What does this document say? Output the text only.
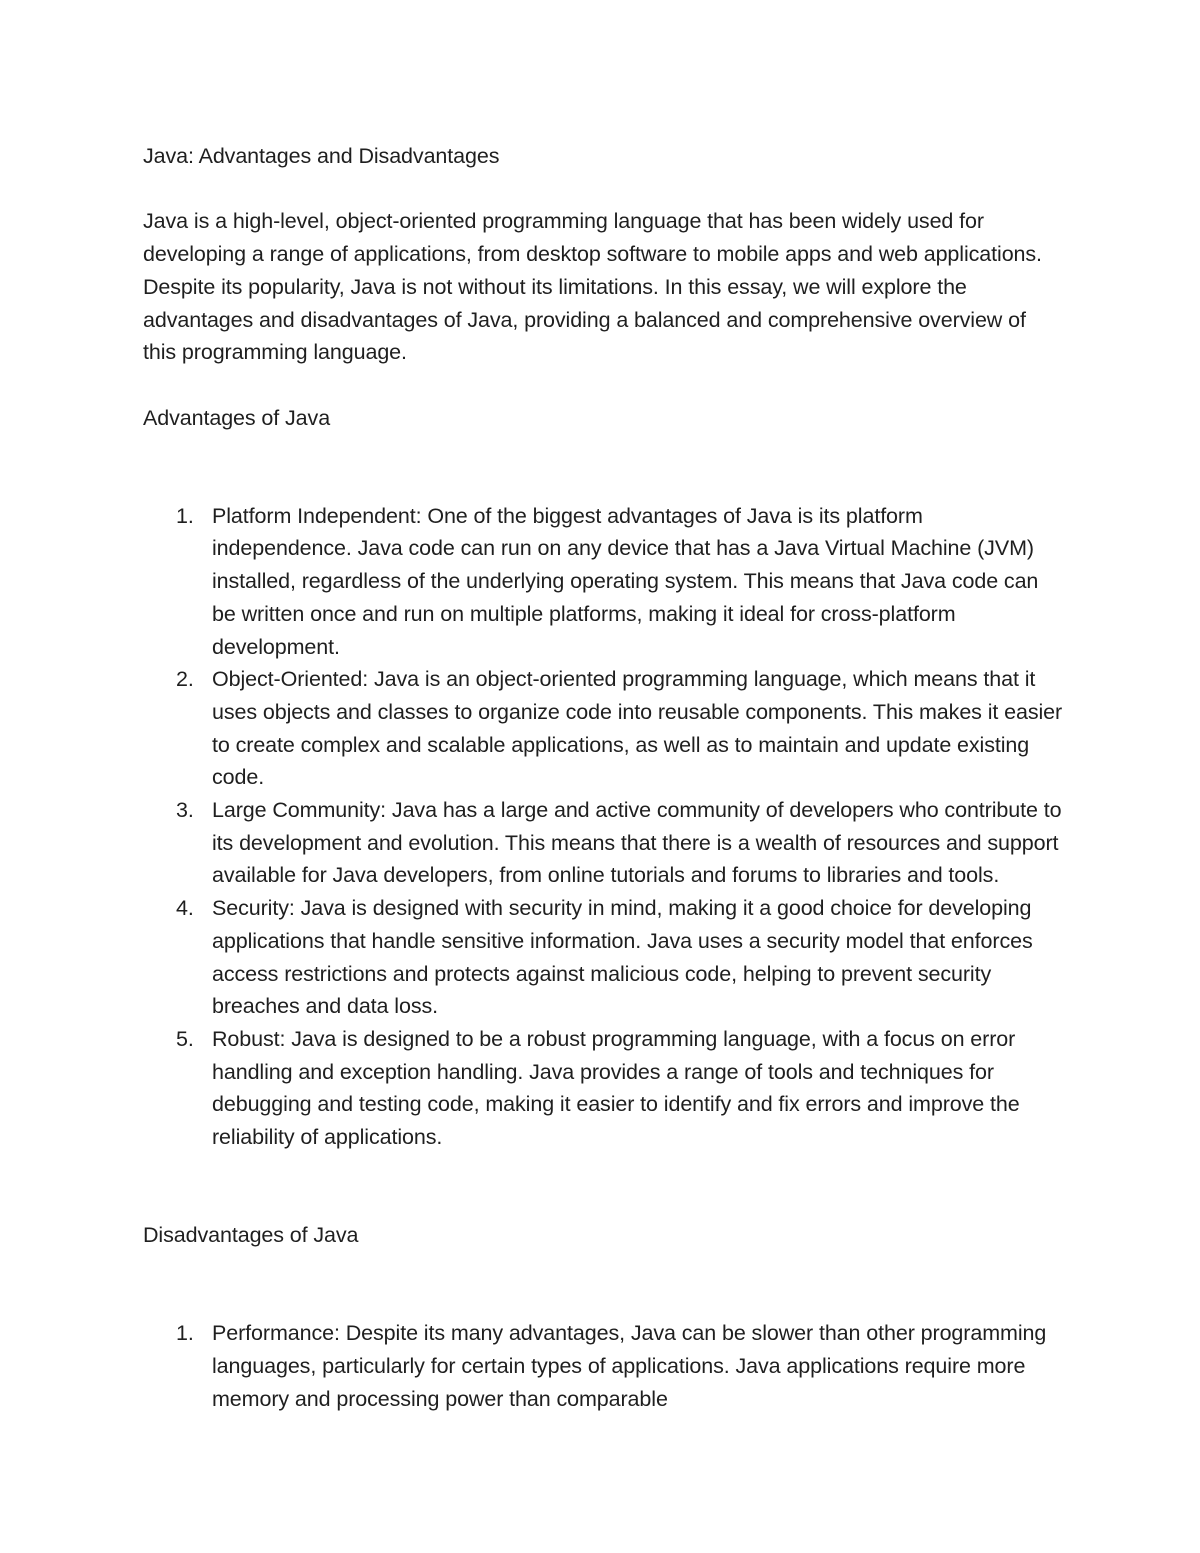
Java: Advantages and Disadvantages

Java is a high-level, object-oriented programming language that has been widely used for developing a range of applications, from desktop software to mobile apps and web applications. Despite its popularity, Java is not without its limitations. In this essay, we will explore the advantages and disadvantages of Java, providing a balanced and comprehensive overview of this programming language.

Advantages of Java
1. Platform Independent: One of the biggest advantages of Java is its platform independence. Java code can run on any device that has a Java Virtual Machine (JVM) installed, regardless of the underlying operating system. This means that Java code can be written once and run on multiple platforms, making it ideal for cross-platform development.
2. Object-Oriented: Java is an object-oriented programming language, which means that it uses objects and classes to organize code into reusable components. This makes it easier to create complex and scalable applications, as well as to maintain and update existing code.
3. Large Community: Java has a large and active community of developers who contribute to its development and evolution. This means that there is a wealth of resources and support available for Java developers, from online tutorials and forums to libraries and tools.
4. Security: Java is designed with security in mind, making it a good choice for developing applications that handle sensitive information. Java uses a security model that enforces access restrictions and protects against malicious code, helping to prevent security breaches and data loss.
5. Robust: Java is designed to be a robust programming language, with a focus on error handling and exception handling. Java provides a range of tools and techniques for debugging and testing code, making it easier to identify and fix errors and improve the reliability of applications.
Disadvantages of Java
1. Performance: Despite its many advantages, Java can be slower than other programming languages, particularly for certain types of applications. Java applications require more memory and processing power than comparable
